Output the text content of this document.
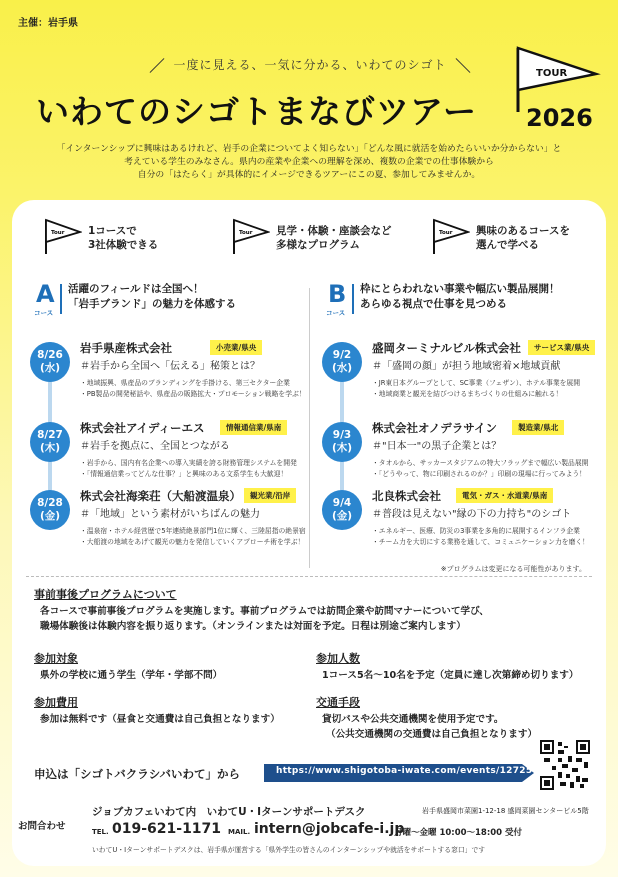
主催：岩手県
一度に見える、一気に分かる、いわてのシゴト
TOUR
いわてのシゴトまなびツアー 2026
「インターンシップに興味はあるけれど、岩手の企業についてよく知らない」「どんな風に就活を始めたらいいか分からない」と
考えている学生のみなさん。県内の産業や企業への理解を深め、複数の企業での仕事体験から
自分の「はたらく」が具体的にイメージできるツアーにこの夏、参加してみませんか。
Tour 1コースで
3社体験できる
Tour 見学・体験・座談会など
多様なプログラム
Tour 興味のあるコースを
選んで学べる
A
コース
活躍のフィールドは全国へ！
「岩手ブランド」の魅力を体感する
8/26
(水)
岩手県産株式会社	小売業/県央
＃岩手から全国へ「伝える」秘策とは？
・地域振興、県産品のブランディングを手掛ける、第三セクター企業
・PB製品の開発秘話や、県産品の販路拡大・プロモーション戦略を学ぶ！
8/27
(木)
株式会社アイディーエス	情報通信業/県南
＃岩手を拠点に、全国とつながる
・岩手から、国内有名企業への導入実績を誇る財務管理システムを開発
・「情報通信業ってどんな仕事？」と興味のある文系学生も大歓迎！
8/28
(金)
株式会社海楽荘（大船渡温泉）	観光業/沿岸
＃「地域」という素材がいちばんの魅力
・温泉宿・ホテル経営歴で5年連続絶景部門1位に輝く、三陸屈指の絶景宿
・大船渡の地域をあげて観光の魅力を発信していくアプローチ術を学ぶ！
B
コース
枠にとらわれない事業や幅広い製品展開！
あらゆる視点で仕事を見つめる
9/2
(水)
盛岡ターミナルビル株式会社	サービス業/県央
＃「盛岡の顔」が担う地域密着×地域貢献
・JR東日本グループとして、SC事業（フェザン）、ホテル事業を展開
・地域商業と観光を結びつけるまちづくりの仕組みに触れる！
9/3
(木)
株式会社オノデラサイン	製造業/県北
＃"日本一"の黒子企業とは？
・タオルから、サッカースタジアムの特大フラッグまで幅広い製品展開
・「どうやって、物に印刷されるのか？」印刷の現場に行ってみよう！
9/4
(金)
北良株式会社	電気・ガス・水道業/県南
＃普段は見えない"縁の下の力持ち"のシゴト
・エネルギー、医療、防災の3事業を多角的に展開するインフラ企業
・チーム力を大切にする業務を通して、コミュニケーション力を磨く！
※プログラムは変更になる可能性があります。
事前事後プログラムについて
各コースで事前事後プログラムを実施します。事前プログラムでは訪問企業や訪問マナーについて学び、
職場体験後は体験内容を振り返ります。（オンラインまたは対面を予定。日程は別途ご案内します）
参加対象
県外の学校に通う学生（学年・学部不問）
参加人数
1コース5名〜10名を予定（定員に達し次第締め切ります）
参加費用
参加は無料です（昼食と交通費は自己負担となります）
交通手段
貸切バスや公共交通機関を使用予定です。
（公共交通機関の交通費は自己負担となります）
申込は「シゴトバクラシバいわて」から	https://www.shigotoba-iwate.com/events/12725
お問合わせ
ジョブカフェいわて内　いわてU・Iターンサポートデスク	岩手県盛岡市菜園1-12-18 盛岡菜園センタービル5階
TEL. 019-621-1171 MAIL. intern@jobcafe-i.jp
月曜〜金曜 10:00〜18:00 受付
いわてU・Iターンサポートデスクは、岩手県が運営する「県外学生の皆さんのインターンシップや就活をサポートする窓口」です
